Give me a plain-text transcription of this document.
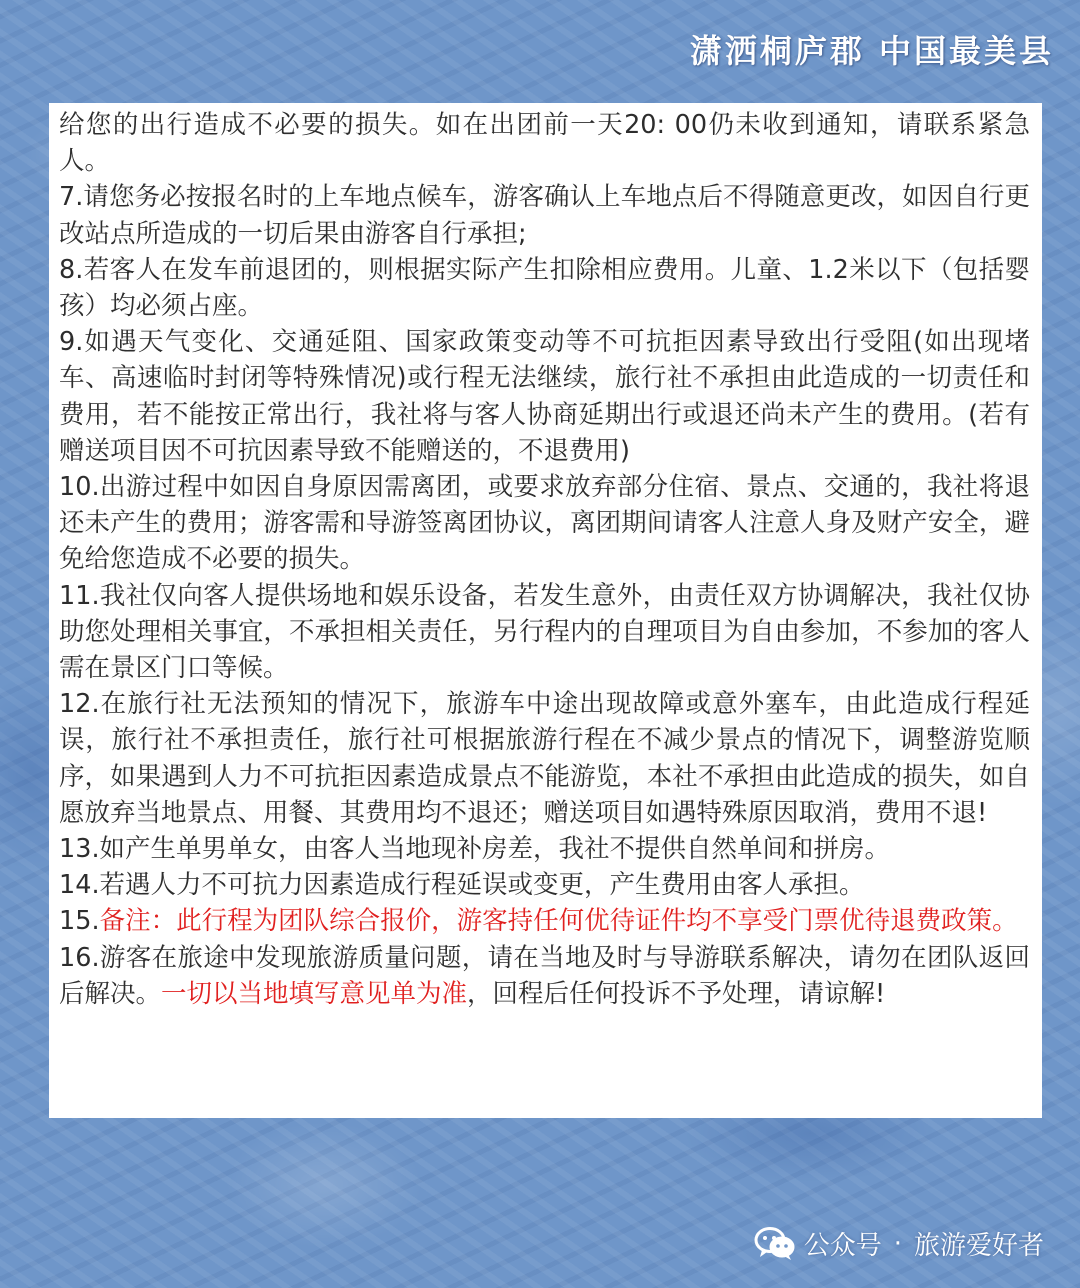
潇洒桐庐郡 中国最美县

给您的出行造成不必要的损失。如在出团前一天20: 00仍未收到通知，请联系紧急人。

7.请您务必按报名时的上车地点候车，游客确认上车地点后不得随意更改，如因自行更改站点所造成的一切后果由游客自行承担;

8.若客人在发车前退团的，则根据实际产生扣除相应费用。儿童、1.2米以下（包括婴孩）均必须占座。

9.如遇天气变化、交通延阻、国家政策变动等不可抗拒因素导致出行受阻(如出现堵车、高速临时封闭等特殊情况)或行程无法继续，旅行社不承担由此造成的一切责任和费用，若不能按正常出行，我社将与客人协商延期出行或退还尚未产生的费用。(若有赠送项目因不可抗因素导致不能赠送的，不退费用)

10.出游过程中如因自身原因需离团，或要求放弃部分住宿、景点、交通的，我社将退还未产生的费用；游客需和导游签离团协议，离团期间请客人注意人身及财产安全，避免给您造成不必要的损失。

11.我社仅向客人提供场地和娱乐设备，若发生意外，由责任双方协调解决，我社仅协助您处理相关事宜，不承担相关责任，另行程内的自理项目为自由参加，不参加的客人需在景区门口等候。

12.在旅行社无法预知的情况下，旅游车中途出现故障或意外塞车，由此造成行程延误，旅行社不承担责任，旅行社可根据旅游行程在不减少景点的情况下，调整游览顺序，如果遇到人力不可抗拒因素造成景点不能游览，本社不承担由此造成的损失，如自愿放弃当地景点、用餐、其费用均不退还；赠送项目如遇特殊原因取消，费用不退!

13.如产生单男单女，由客人当地现补房差，我社不提供自然单间和拼房。

14.若遇人力不可抗力因素造成行程延误或变更，产生费用由客人承担。

15.备注：此行程为团队综合报价，游客持任何优待证件均不享受门票优待退费政策。

16.游客在旅途中发现旅游质量问题，请在当地及时与导游联系解决，请勿在团队返回后解决。一切以当地填写意见单为准，回程后任何投诉不予处理，请谅解!

公众号 · 旅游爱好者
